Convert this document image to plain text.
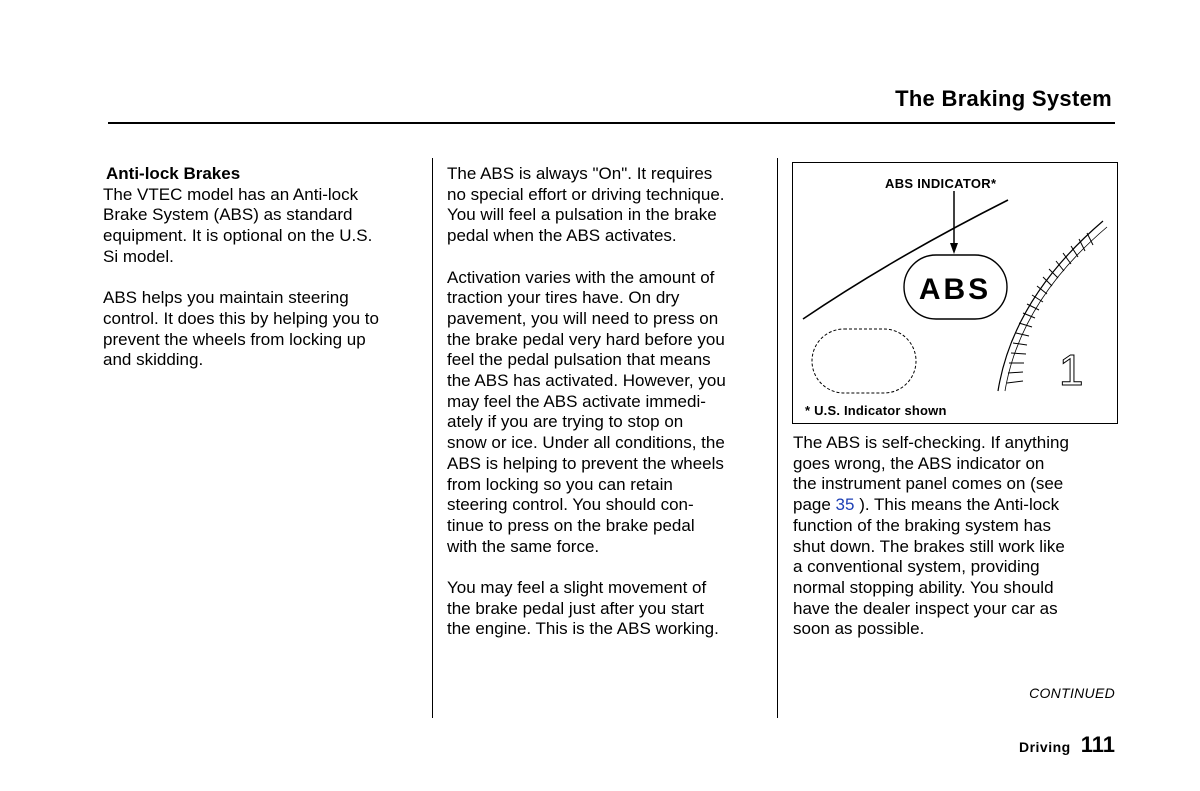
The Braking System
Anti-lock Brakes

The VTEC model has an Anti-lock
Brake System (ABS) as standard
equipment. It is optional on the U.S.
Si model.

ABS helps you maintain steering
control. It does this by helping you to
prevent the wheels from locking up
and skidding.

The ABS is always "On". It requires
no special effort or driving technique.
You will feel a pulsation in the brake
pedal when the ABS activates.

Activation varies with the amount of
traction your tires have. On dry
pavement, you will need to press on
the brake pedal very hard before you
feel the pedal pulsation that means
the ABS has activated. However, you
may feel the ABS activate immedi-
ately if you are trying to stop on
snow or ice. Under all conditions, the
ABS is helping to prevent the wheels
from locking so you can retain
steering control. You should con-
tinue to press on the brake pedal
with the same force.

You may feel a slight movement of
the brake pedal just after you start
the engine. This is the ABS working.

ABS
1
ABS INDICATOR*
* U.S. Indicator shown

The ABS is self-checking. If anything
goes wrong, the ABS indicator on
the instrument panel comes on (see
page 35 ). This means the Anti-lock
function of the braking system has
shut down. The brakes still work like
a conventional system, providing
normal stopping ability. You should
have the dealer inspect your car as
soon as possible.

CONTINUED
Driving 111
